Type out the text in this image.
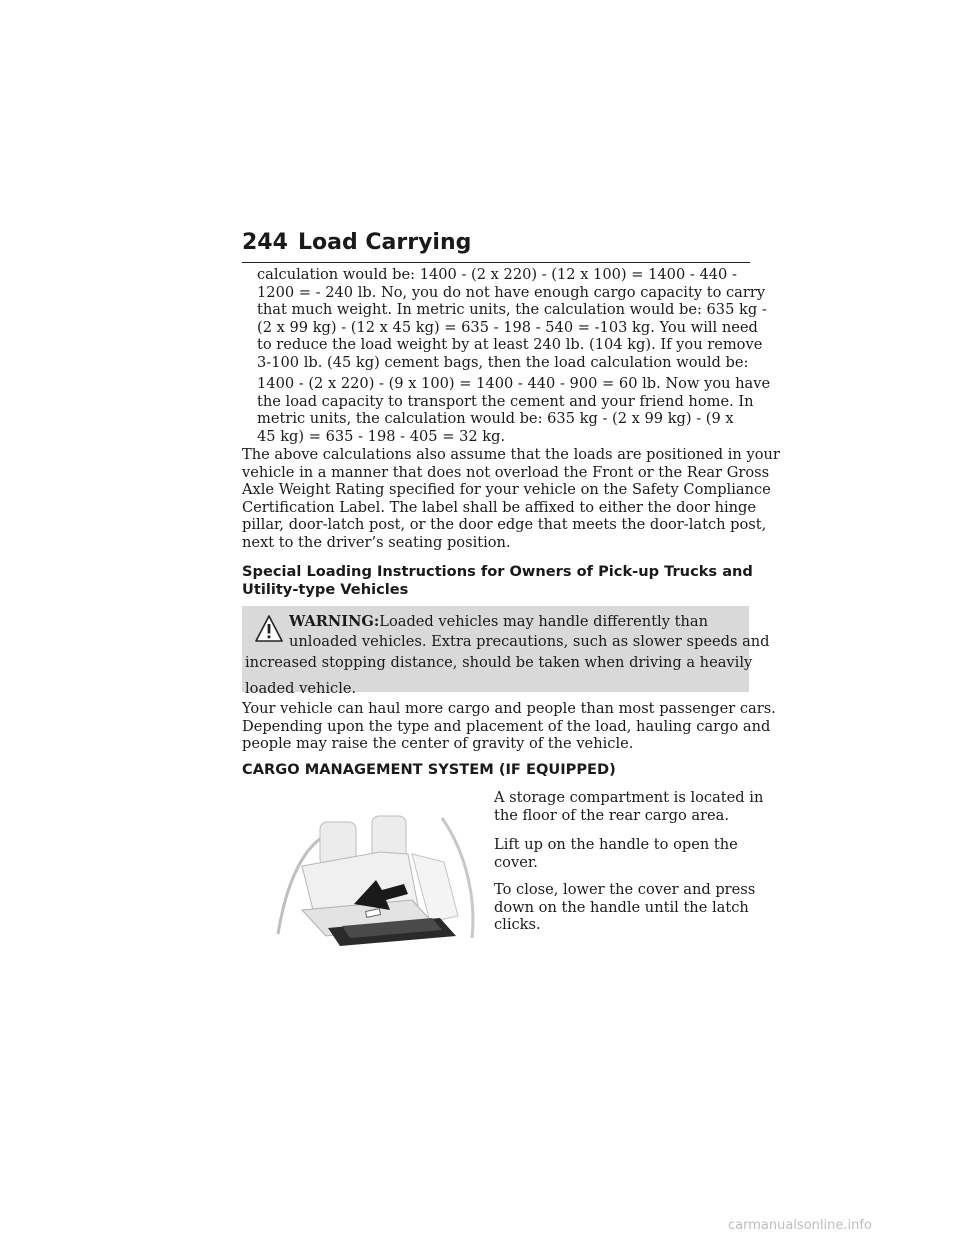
244 Load Carrying

calculation would be: 1400 - (2 x 220) - (12 x 100) = 1400 - 440 -
1200 = - 240 lb. No, you do not have enough cargo capacity to carry
that much weight. In metric units, the calculation would be: 635 kg -
(2 x 99 kg) - (12 x 45 kg) = 635 - 198 - 540 = -103 kg. You will need
to reduce the load weight by at least 240 lb. (104 kg). If you remove
3-100 lb. (45 kg) cement bags, then the load calculation would be:

1400 - (2 x 220) - (9 x 100) = 1400 - 440 - 900 = 60 lb. Now you have
the load capacity to transport the cement and your friend home. In
metric units, the calculation would be: 635 kg - (2 x 99 kg) - (9 x
45 kg) = 635 - 198 - 405 = 32 kg.

The above calculations also assume that the loads are positioned in your
vehicle in a manner that does not overload the Front or the Rear Gross
Axle Weight Rating specified for your vehicle on the Safety Compliance
Certification Label. The label shall be affixed to either the door hinge
pillar, door-latch post, or the door edge that meets the door-latch post,
next to the driver’s seating position.

Special Loading Instructions for Owners of Pick-up Trucks and
Utility-type Vehicles

WARNING:Loaded vehicles may handle differently than

unloaded vehicles. Extra precautions, such as slower speeds and

increased stopping distance, should be taken when driving a heavily
loaded vehicle.

Your vehicle can haul more cargo and people than most passenger cars.
Depending upon the type and placement of the load, hauling cargo and
people may raise the center of gravity of the vehicle.

CARGO MANAGEMENT SYSTEM (IF EQUIPPED)

A storage compartment is located in
the floor of the rear cargo area.

Lift up on the handle to open the
cover.

To close, lower the cover and press
down on the handle until the latch
clicks.

carmanualsonline.info
